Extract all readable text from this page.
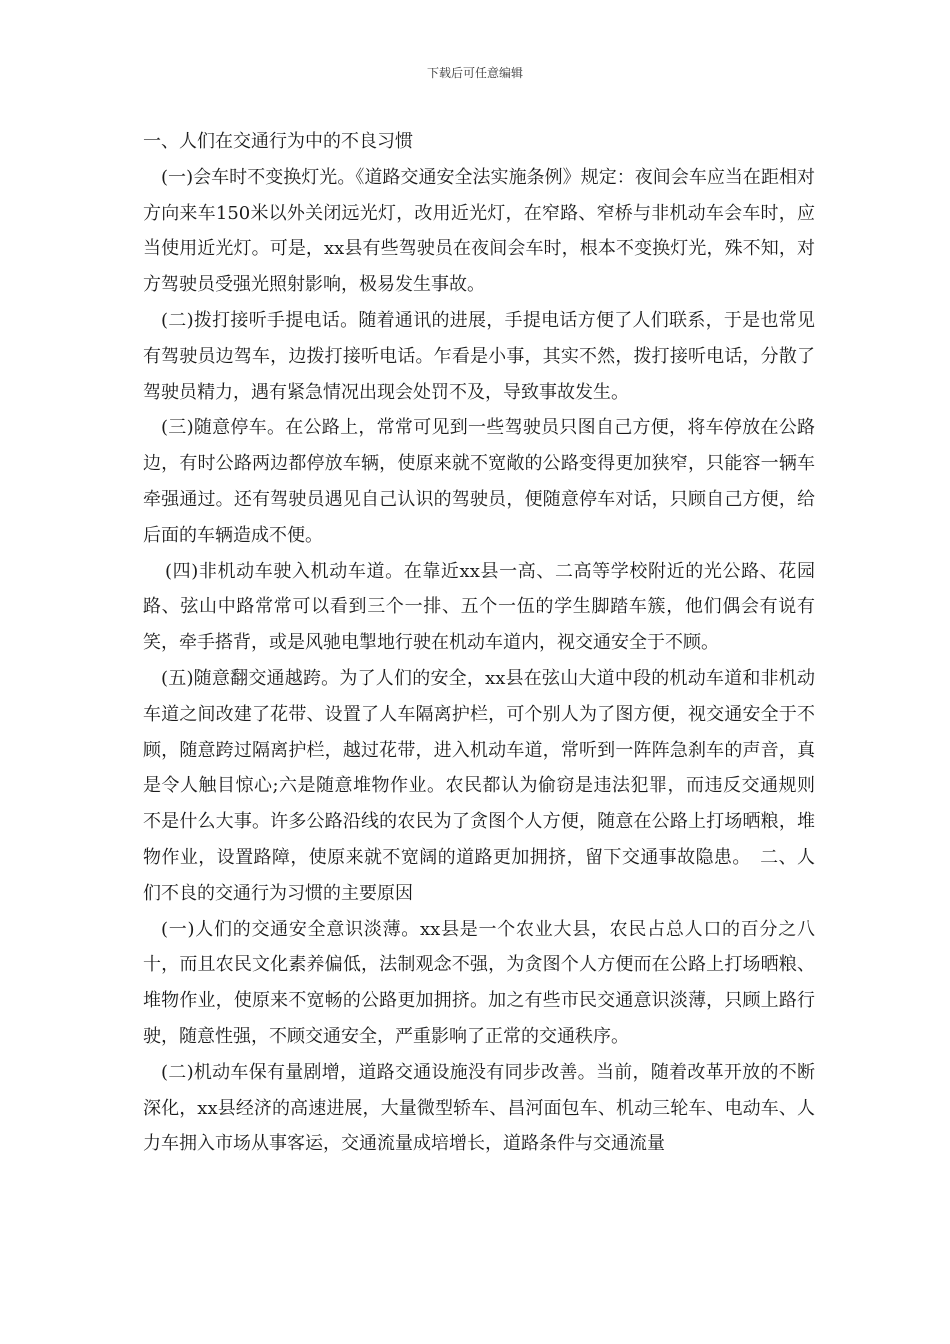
下载后可任意编辑

一、人们在交通行为中的不良习惯

(一)会车时不变换灯光。《道路交通安全法实施条例》规定：夜间会车应当在距相对方向来车150米以外关闭远光灯，改用近光灯，在窄路、窄桥与非机动车会车时，应当使用近光灯。可是，xx县有些驾驶员在夜间会车时，根本不变换灯光，殊不知，对方驾驶员受强光照射影响，极易发生事故。

(二)拨打接听手提电话。随着通讯的进展，手提电话方便了人们联系，于是也常见有驾驶员边驾车，边拨打接听电话。乍看是小事，其实不然，拨打接听电话，分散了驾驶员精力，遇有紧急情况出现会处罚不及，导致事故发生。

(三)随意停车。在公路上，常常可见到一些驾驶员只图自己方便，将车停放在公路边，有时公路两边都停放车辆，使原来就不宽敞的公路变得更加狭窄，只能容一辆车牵强通过。还有驾驶员遇见自己认识的驾驶员，便随意停车对话，只顾自己方便，给后面的车辆造成不便。

(四)非机动车驶入机动车道。在靠近xx县一高、二高等学校附近的光公路、花园路、弦山中路常常可以看到三个一排、五个一伍的学生脚踏车簇，他们偶会有说有笑，牵手搭背，或是风驰电掣地行驶在机动车道内，视交通安全于不顾。

(五)随意翻交通越跨。为了人们的安全，xx县在弦山大道中段的机动车道和非机动车道之间改建了花带、设置了人车隔离护栏，可个别人为了图方便，视交通安全于不顾，随意跨过隔离护栏，越过花带，进入机动车道，常听到一阵阵急刹车的声音，真是令人触目惊心;六是随意堆物作业。农民都认为偷窃是违法犯罪，而违反交通规则不是什么大事。许多公路沿线的农民为了贪图个人方便，随意在公路上打场晒粮，堆物作业，设置路障，使原来就不宽阔的道路更加拥挤，留下交通事故隐患。　二、人们不良的交通行为习惯的主要原因

(一)人们的交通安全意识淡薄。xx县是一个农业大县，农民占总人口的百分之八十，而且农民文化素养偏低，法制观念不强，为贪图个人方便而在公路上打场晒粮、堆物作业，使原来不宽畅的公路更加拥挤。加之有些市民交通意识淡薄，只顾上路行驶，随意性强，不顾交通安全，严重影响了正常的交通秩序。

(二)机动车保有量剧增，道路交通设施没有同步改善。当前，随着改革开放的不断深化，xx县经济的高速进展，大量微型轿车、昌河面包车、机动三轮车、电动车、人力车拥入市场从事客运，交通流量成培增长，道路条件与交通流量
